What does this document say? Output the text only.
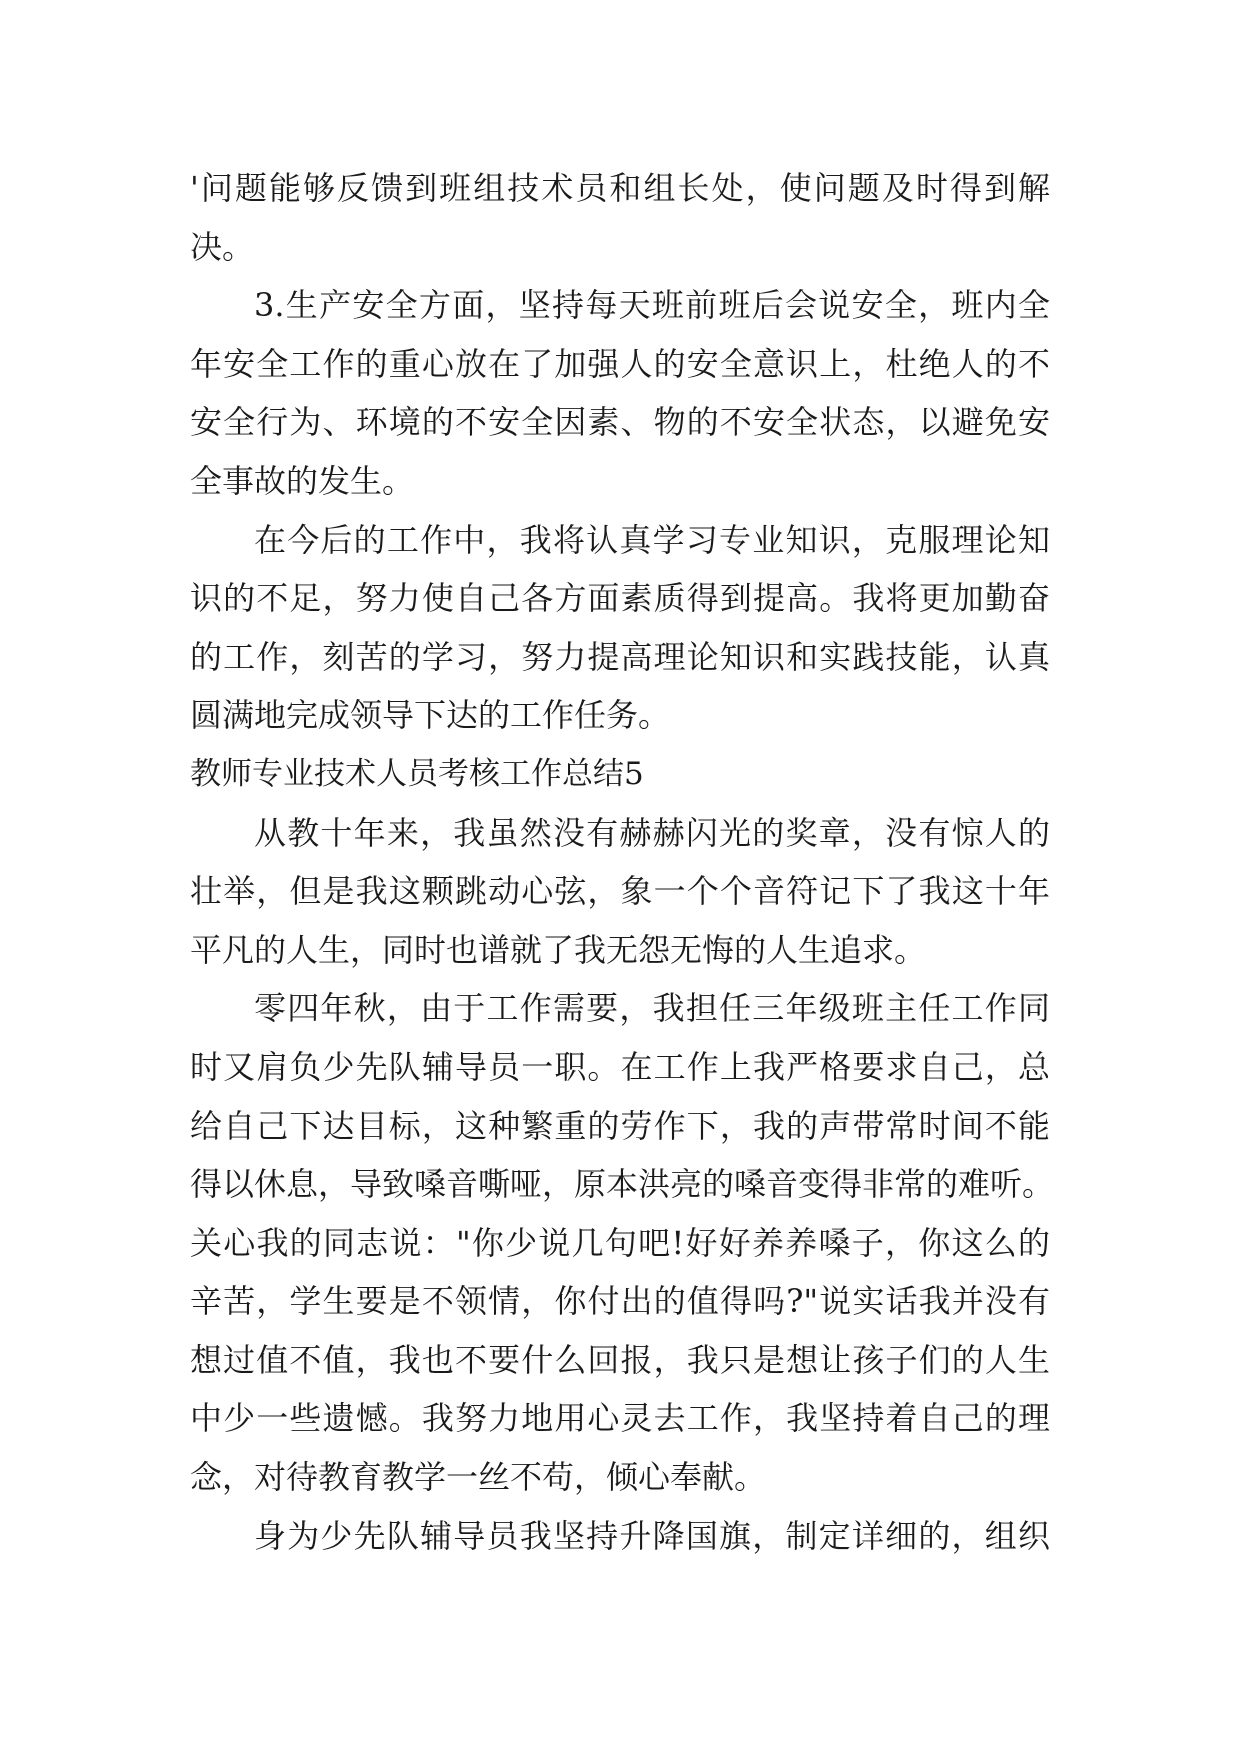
'问题能够反馈到班组技术员和组长处，使问题及时得到解
决。
3.生产安全方面，坚持每天班前班后会说安全，班内全
年安全工作的重心放在了加强人的安全意识上，杜绝人的不
安全行为、环境的不安全因素、物的不安全状态，以避免安
全事故的发生。
在今后的工作中，我将认真学习专业知识，克服理论知
识的不足，努力使自己各方面素质得到提高。我将更加勤奋
的工作，刻苦的学习，努力提高理论知识和实践技能，认真
圆满地完成领导下达的工作任务。
教师专业技术人员考核工作总结5
从教十年来，我虽然没有赫赫闪光的奖章，没有惊人的
壮举，但是我这颗跳动心弦，象一个个音符记下了我这十年
平凡的人生，同时也谱就了我无怨无悔的人生追求。
零四年秋，由于工作需要，我担任三年级班主任工作同
时又肩负少先队辅导员一职。在工作上我严格要求自己，总
给自己下达目标，这种繁重的劳作下，我的声带常时间不能
得以休息，导致嗓音嘶哑，原本洪亮的嗓音变得非常的难听。
关心我的同志说："你少说几句吧!好好养养嗓子，你这么的
辛苦，学生要是不领情，你付出的值得吗?"说实话我并没有
想过值不值，我也不要什么回报，我只是想让孩子们的人生
中少一些遗憾。我努力地用心灵去工作，我坚持着自己的理
念，对待教育教学一丝不苟，倾心奉献。
身为少先队辅导员我坚持升降国旗，制定详细的，组织
